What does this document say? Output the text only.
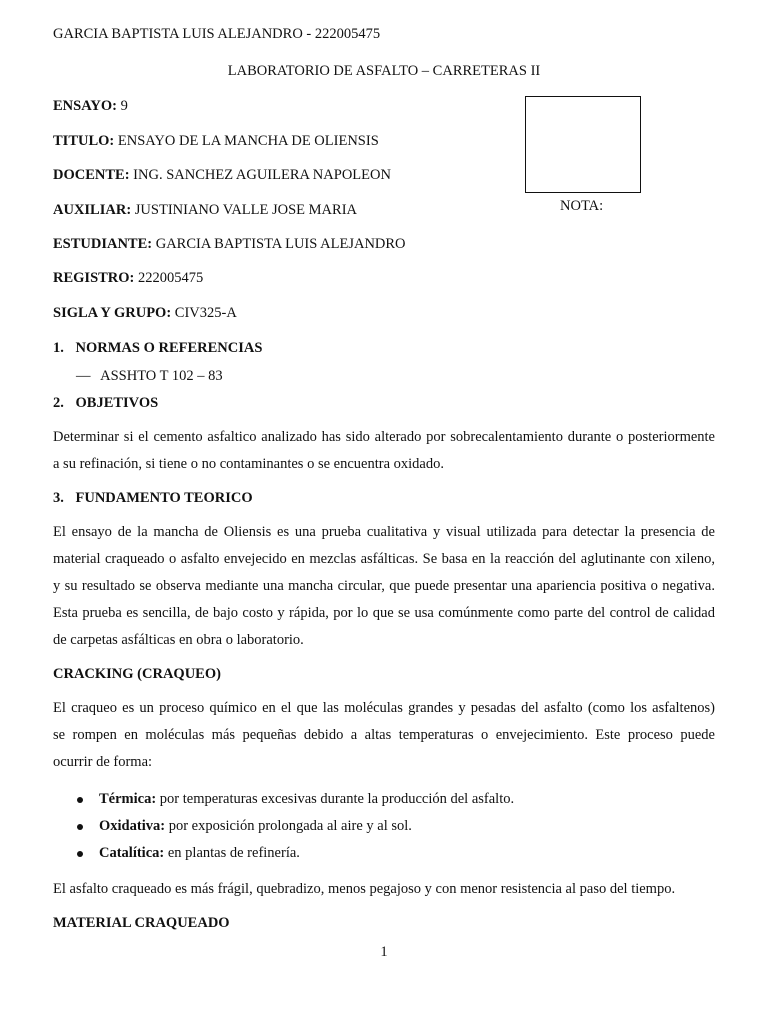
GARCIA BAPTISTA LUIS ALEJANDRO - 222005475
LABORATORIO DE ASFALTO – CARRETERAS II
ENSAYO: 9
TITULO: ENSAYO DE LA MANCHA DE OLIENSIS
DOCENTE: ING. SANCHEZ AGUILERA NAPOLEON
AUXILIAR: JUSTINIANO VALLE JOSE MARIA
ESTUDIANTE: GARCIA BAPTISTA LUIS ALEJANDRO
REGISTRO: 222005475
SIGLA Y GRUPO: CIV325-A
NOTA:
1. NORMAS O REFERENCIAS
— ASSHTO T 102 – 83
2. OBJETIVOS
Determinar si el cemento asfaltico analizado has sido alterado por sobrecalentamiento durante o posteriormente
a su refinación, si tiene o no contaminantes o se encuentra oxidado.
3. FUNDAMENTO TEORICO
El ensayo de la mancha de Oliensis es una prueba cualitativa y visual utilizada para detectar la presencia de
material craqueado o asfalto envejecido en mezclas asfálticas. Se basa en la reacción del aglutinante con xileno,
y su resultado se observa mediante una mancha circular, que puede presentar una apariencia positiva o negativa.
Esta prueba es sencilla, de bajo costo y rápida, por lo que se usa comúnmente como parte del control de calidad
de carpetas asfálticas en obra o laboratorio.
CRACKING (CRAQUEO)
El craqueo es un proceso químico en el que las moléculas grandes y pesadas del asfalto (como los asfaltenos)
se rompen en moléculas más pequeñas debido a altas temperaturas o envejecimiento. Este proceso puede
ocurrir de forma:
Térmica: por temperaturas excesivas durante la producción del asfalto.
Oxidativa: por exposición prolongada al aire y al sol.
Catalítica: en plantas de refinería.
El asfalto craqueado es más frágil, quebradizo, menos pegajoso y con menor resistencia al paso del tiempo.
MATERIAL CRAQUEADO
1
